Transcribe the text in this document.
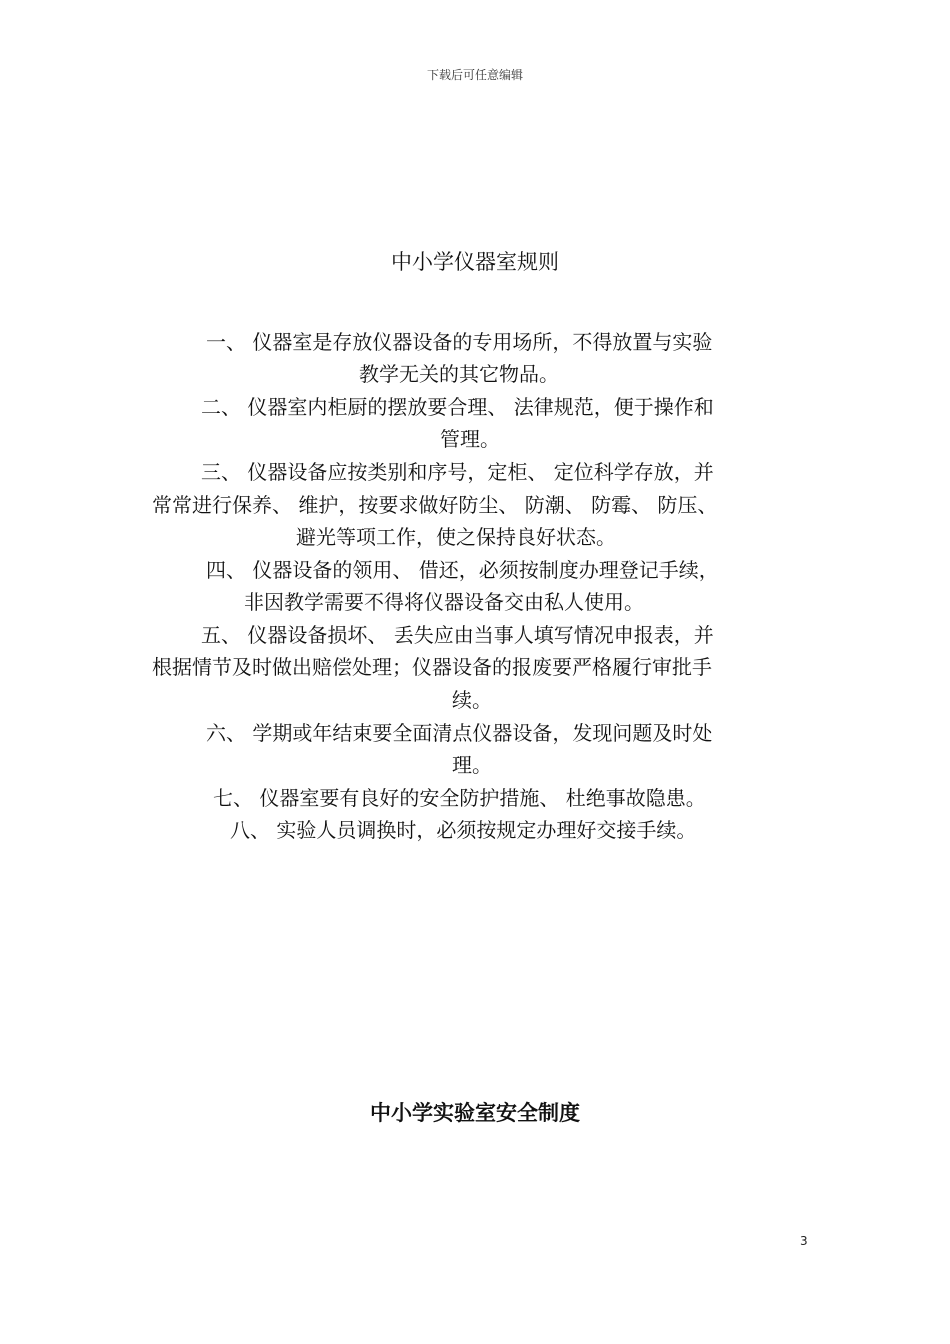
下载后可任意编辑
中小学仪器室规则
一、 仪器室是存放仪器设备的专用场所，不得放置与实验
教学无关的其它物品。
二、 仪器室内柜厨的摆放要合理、 法律规范，便于操作和
管理。
三、 仪器设备应按类别和序号，定柜、 定位科学存放，并
常常进行保养、 维护，按要求做好防尘、 防潮、 防霉、 防压、
避光等项工作，使之保持良好状态。
四、 仪器设备的领用、 借还，必须按制度办理登记手续，
非因教学需要不得将仪器设备交由私人使用。
五、 仪器设备损坏、 丢失应由当事人填写情况申报表，并
根据情节及时做出赔偿处理；仪器设备的报废要严格履行审批手
续。
六、 学期或年结束要全面清点仪器设备，发现问题及时处
理。
七、 仪器室要有良好的安全防护措施、 杜绝事故隐患。
八、 实验人员调换时，必须按规定办理好交接手续。
中小学实验室安全制度
3
